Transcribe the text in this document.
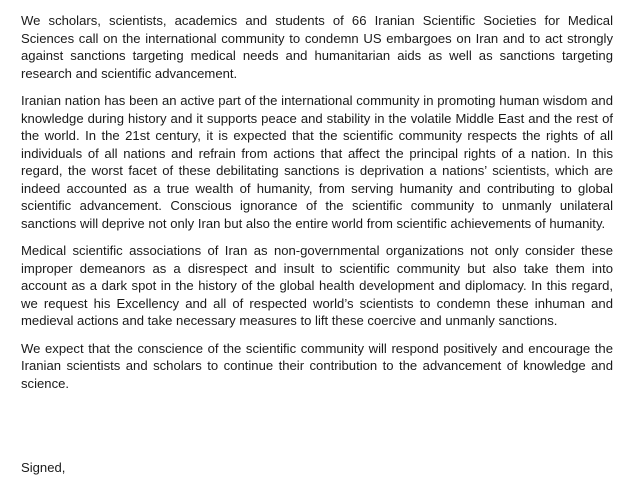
We scholars, scientists, academics and students of 66 Iranian Scientific Societies for Medical Sciences call on the international community to condemn US embargoes on Iran and to act strongly against sanctions targeting medical needs and humanitarian aids as well as sanctions targeting research and scientific advancement.

Iranian nation has been an active part of the international community in promoting human wisdom and knowledge during history and it supports peace and stability in the volatile Middle East and the rest of the world. In the 21st century, it is expected that the scientific community respects the rights of all individuals of all nations and refrain from actions that affect the principal rights of a nation. In this regard, the worst facet of these debilitating sanctions is deprivation a nations’ scientists, which are indeed accounted as a true wealth of humanity, from serving humanity and contributing to global scientific advancement. Conscious ignorance of the scientific community to unmanly unilateral sanctions will deprive not only Iran but also the entire world from scientific achievements of humanity.

Medical scientific associations of Iran as non-governmental organizations not only consider these improper demeanors as a disrespect and insult to scientific community but also take them into account as a dark spot in the history of the global health development and diplomacy. In this regard, we request his Excellency and all of respected world’s scientists to condemn these inhuman and medieval actions and take necessary measures to lift these coercive and unmanly sanctions.

We expect that the conscience of the scientific community will respond positively and encourage the Iranian scientists and scholars to continue their contribution to the advancement of knowledge and science.

Signed,
